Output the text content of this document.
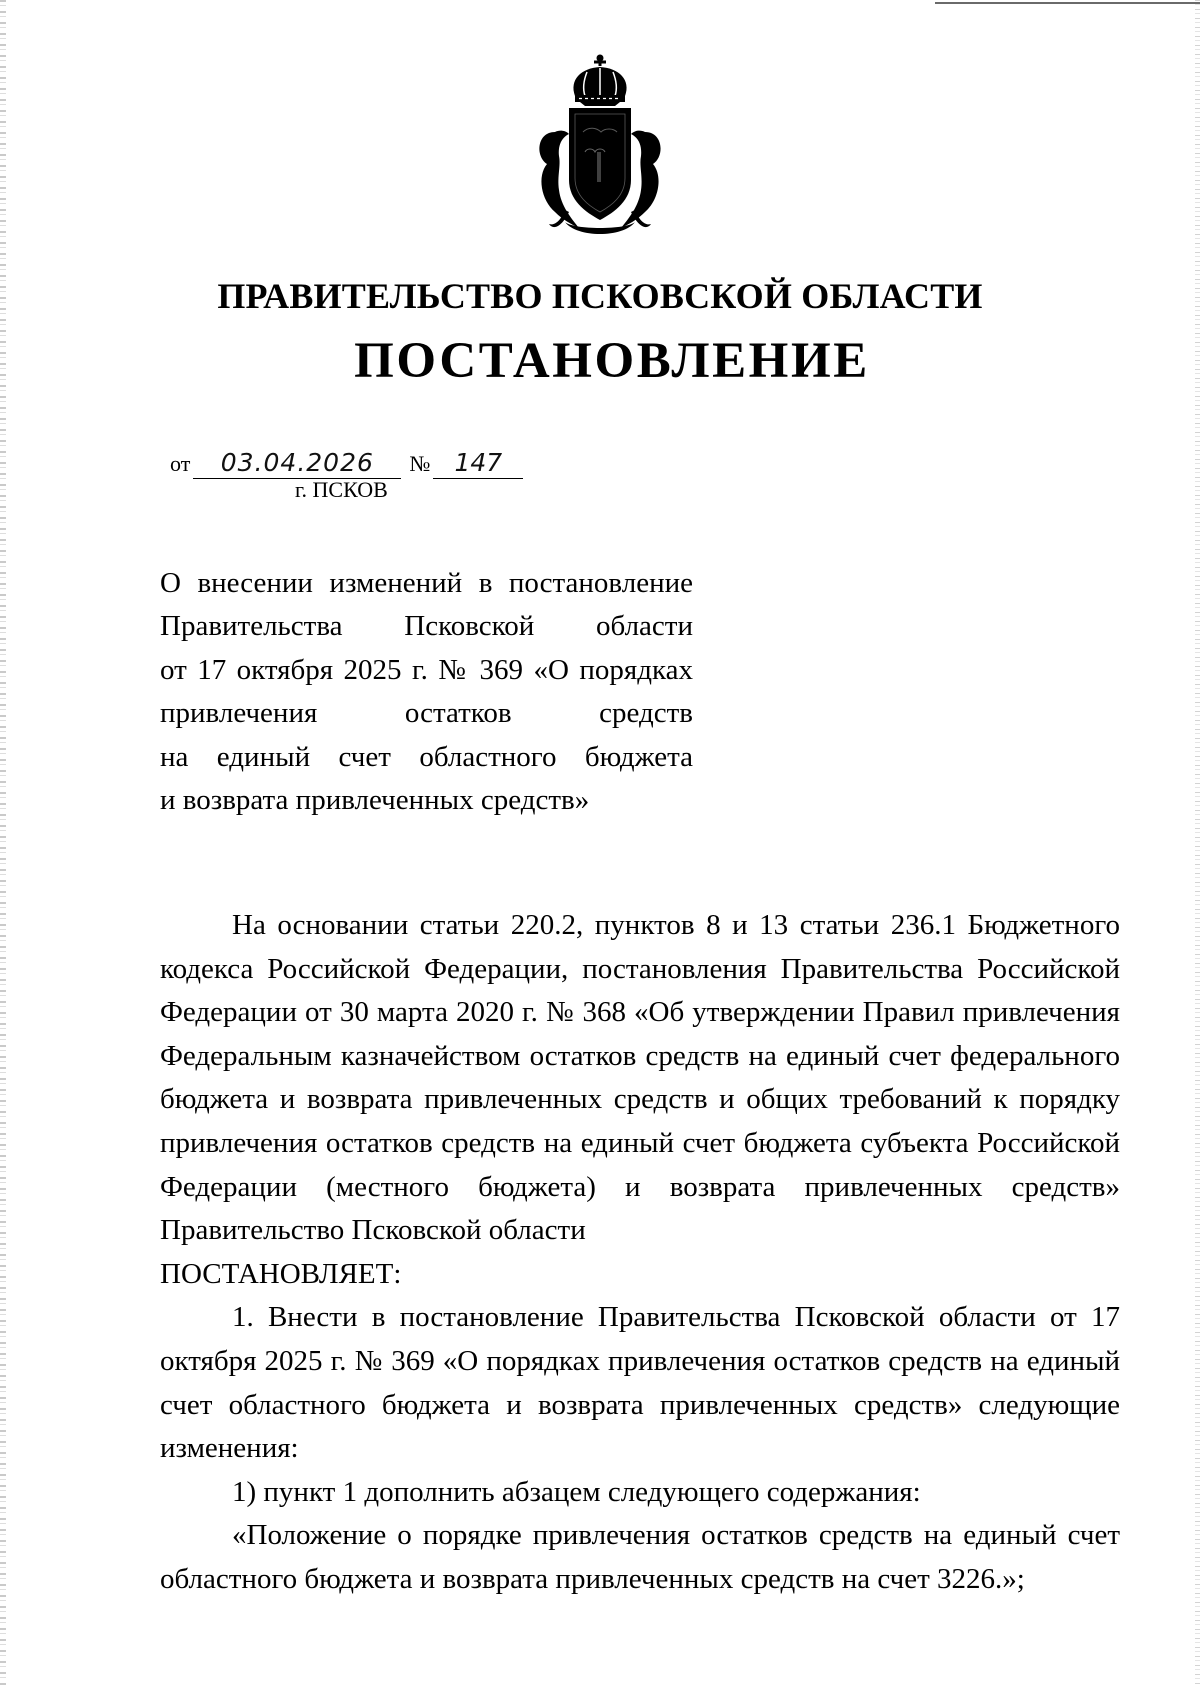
ПРАВИТЕЛЬСТВО ПСКОВСКОЙ ОБЛАСТИ
ПОСТАНОВЛЕНИЕ
от 03.04.2026 № 147
г. ПСКОВ

О внесении изменений в постановление

Правительства Псковской области

от 17 октября 2025 г. № 369 «О порядках

привлечения остатков средств

на единый счет областного бюджета

и возврата привлеченных средств»

На основании статьи 220.2, пунктов 8 и 13 статьи 236.1 Бюджетного кодекса Российской Федерации, постановления Правительства Российской Федерации от 30 марта 2020 г. № 368 «Об утверждении Правил привлечения Федеральным казначейством остатков средств на единый счет федерального бюджета и возврата привлеченных средств и общих требований к порядку привлечения остатков средств на единый счет бюджета субъекта Российской Федерации (местного бюджета) и возврата привлеченных средств» Правительство Псковской области

ПОСТАНОВЛЯЕТ:

1. Внести в постановление Правительства Псковской области от 17 октября 2025 г. № 369 «О порядках привлечения остатков средств на единый счет областного бюджета и возврата привлеченных средств» следующие изменения:

1) пункт 1 дополнить абзацем следующего содержания:

«Положение о порядке привлечения остатков средств на единый счет областного бюджета и возврата привлеченных средств на счет 3226.»;
